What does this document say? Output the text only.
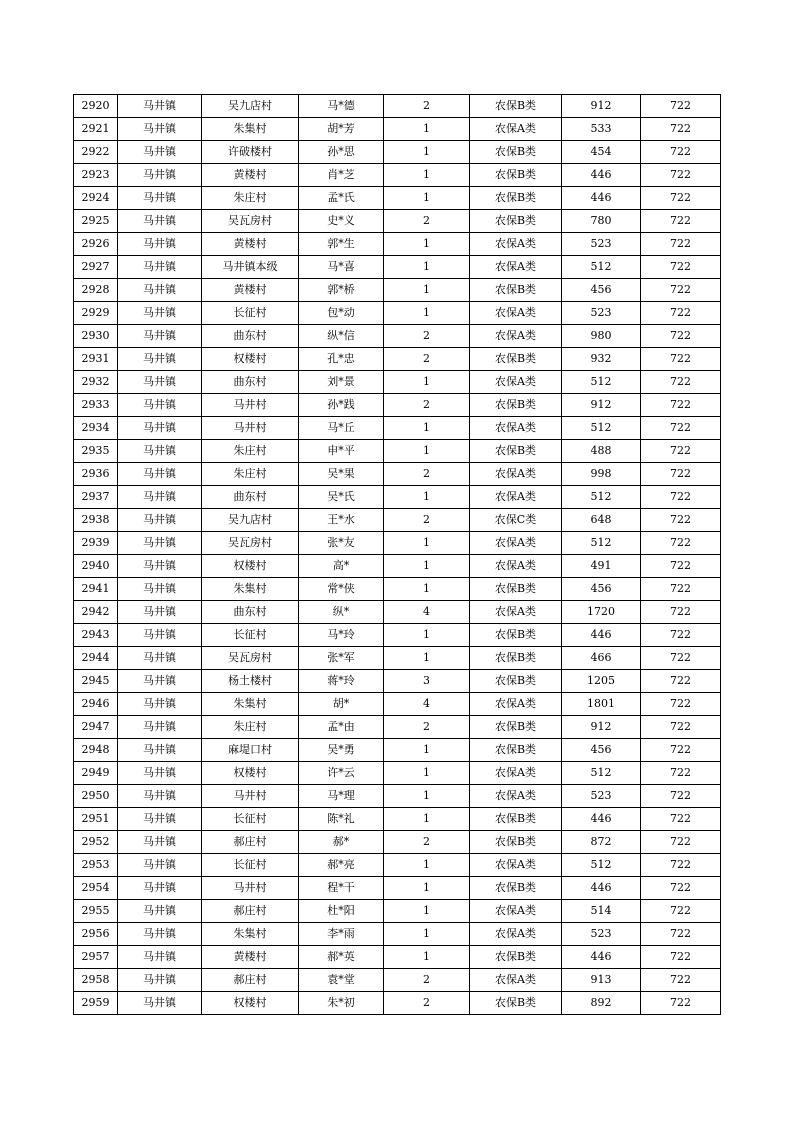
2920	马井镇	吴九店村	马*德	2	农保B类	912	722
2921	马井镇	朱集村	胡*芳	1	农保A类	533	722
2922	马井镇	许破楼村	孙*思	1	农保B类	454	722
2923	马井镇	黄楼村	肖*芝	1	农保B类	446	722
2924	马井镇	朱庄村	孟*氏	1	农保B类	446	722
2925	马井镇	吴瓦房村	史*义	2	农保B类	780	722
2926	马井镇	黄楼村	郭*生	1	农保A类	523	722
2927	马井镇	马井镇本级	马*喜	1	农保A类	512	722
2928	马井镇	黄楼村	郭*桥	1	农保B类	456	722
2929	马井镇	长征村	包*动	1	农保A类	523	722
2930	马井镇	曲东村	纵*信	2	农保A类	980	722
2931	马井镇	权楼村	孔*忠	2	农保B类	932	722
2932	马井镇	曲东村	刘*景	1	农保A类	512	722
2933	马井镇	马井村	孙*践	2	农保B类	912	722
2934	马井镇	马井村	马*丘	1	农保A类	512	722
2935	马井镇	朱庄村	申*平	1	农保B类	488	722
2936	马井镇	朱庄村	吴*果	2	农保A类	998	722
2937	马井镇	曲东村	吴*氏	1	农保A类	512	722
2938	马井镇	吴九店村	王*水	2	农保C类	648	722
2939	马井镇	吴瓦房村	张*友	1	农保A类	512	722
2940	马井镇	权楼村	高*	1	农保A类	491	722
2941	马井镇	朱集村	常*侠	1	农保B类	456	722
2942	马井镇	曲东村	纵*	4	农保A类	1720	722
2943	马井镇	长征村	马*玲	1	农保B类	446	722
2944	马井镇	吴瓦房村	张*军	1	农保B类	466	722
2945	马井镇	杨土楼村	蒋*玲	3	农保B类	1205	722
2946	马井镇	朱集村	胡*	4	农保A类	1801	722
2947	马井镇	朱庄村	孟*由	2	农保B类	912	722
2948	马井镇	麻堤口村	吴*勇	1	农保B类	456	722
2949	马井镇	权楼村	许*云	1	农保A类	512	722
2950	马井镇	马井村	马*理	1	农保A类	523	722
2951	马井镇	长征村	陈*礼	1	农保B类	446	722
2952	马井镇	郝庄村	郝*	2	农保B类	872	722
2953	马井镇	长征村	郝*亮	1	农保A类	512	722
2954	马井镇	马井村	程*干	1	农保B类	446	722
2955	马井镇	郝庄村	杜*阳	1	农保A类	514	722
2956	马井镇	朱集村	李*雨	1	农保A类	523	722
2957	马井镇	黄楼村	郝*英	1	农保B类	446	722
2958	马井镇	郝庄村	袁*堂	2	农保A类	913	722
2959	马井镇	权楼村	朱*初	2	农保B类	892	722
